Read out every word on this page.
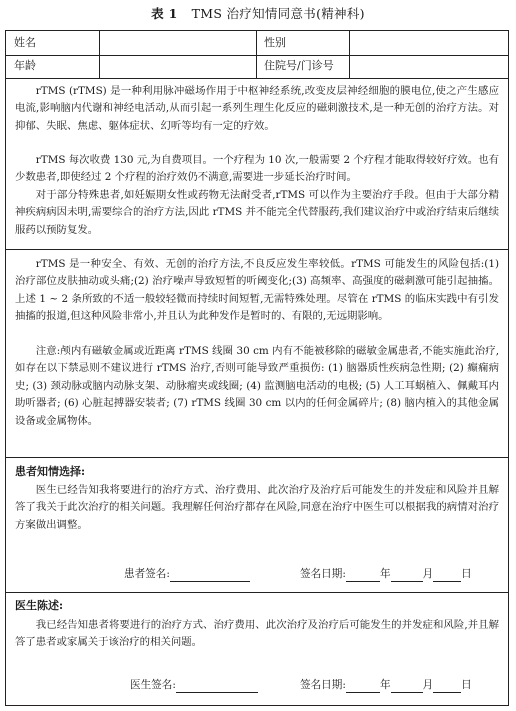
表 1 TMS 治疗知情同意书(精神科)
姓名	性别
年龄	住院号/门诊号
rTMS (rTMS) 是一种利用脉冲磁场作用于中枢神经系统,改变皮层神经细胞的膜电位,使之产生感应电流,影响脑内代谢和神经电活动,从而引起一系列生理生化反应的磁刺激技术,是一种无创的治疗方法。对抑郁、失眠、焦虑、躯体症状、幻听等均有一定的疗效。
rTMS 每次收费 130 元,为自费项目。一个疗程为 10 次,一般需要 2 个疗程才能取得较好疗效。也有少数患者,即使经过 2 个疗程的治疗效仍不满意,需要进一步延长治疗时间。
对于部分特殊患者,如妊娠期女性或药物无法耐受者,rTMS 可以作为主要治疗手段。但由于大部分精神疾病病因未明,需要综合的治疗方法,因此 rTMS 并不能完全代替服药,我们建议治疗中或治疗结束后继续服药以预防复发。
rTMS 是一种安全、有效、无创的治疗方法,不良反应发生率较低。rTMS 可能发生的风险包括:(1) 治疗部位皮肤抽动或头痛;(2) 治疗噪声导致短暂的听阈变化;(3) 高频率、高强度的磁刺激可能引起抽搐。上述 1 ~ 2 条所致的不适一般较轻微而持续时间短暂,无需特殊处理。尽管在 rTMS 的临床实践中有引发抽搐的报道,但这种风险非常小,并且认为此种发作是暂时的、有限的,无远期影响。
注意:颅内有磁敏金属或近距离 rTMS 线圈 30 cm 内有不能被移除的磁敏金属患者,不能实施此治疗,如存在以下禁忌则不建议进行 rTMS 治疗,否则可能导致严重损伤: (1) 脑器质性疾病急性期; (2) 癫痫病史; (3) 颈动脉或脑内动脉支架、动脉瘤夹或线圈; (4) 监测脑电活动的电极; (5) 人工耳蜗植入、佩戴耳内助听器者; (6) 心脏起搏器安装者; (7) rTMS 线圈 30 cm 以内的任何金属碎片; (8) 脑内植入的其他金属设备或金属物体。
患者知情选择:
医生已经告知我将要进行的治疗方式、治疗费用、此次治疗及治疗后可能发生的并发症和风险并且解答了我关于此次治疗的相关问题。我理解任何治疗都存在风险,同意在治疗中医生可以根据我的病情对治疗方案做出调整。
患者签名:	签名日期:	年	月	日
医生陈述:
我已经告知患者将要进行的治疗方式、治疗费用、此次治疗及治疗后可能发生的并发症和风险,并且解答了患者或家属关于该治疗的相关问题。
医生签名:	签名日期:	年	月	日
